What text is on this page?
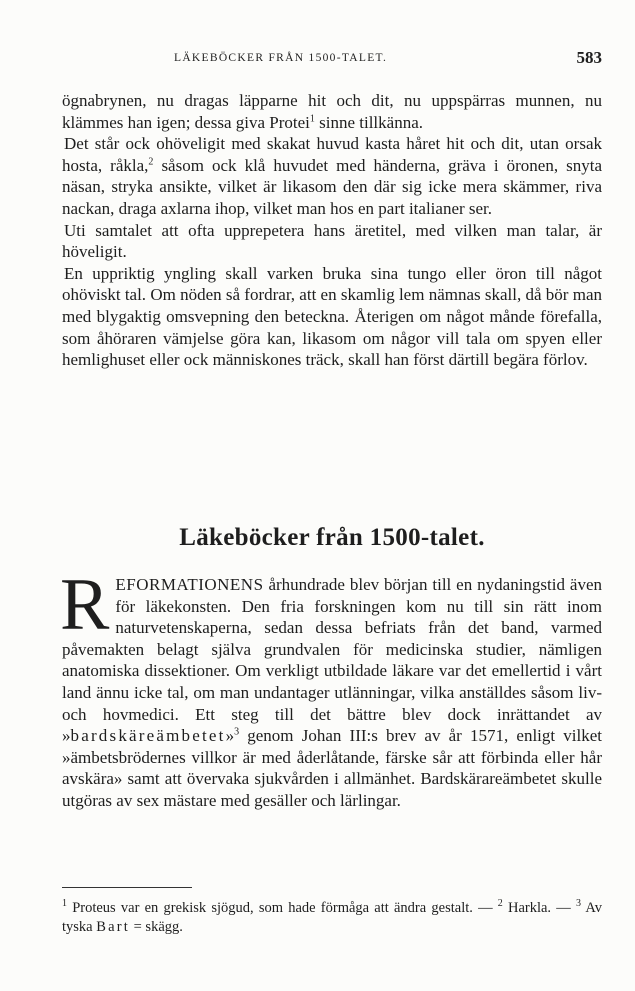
LÄKEBÖCKER FRÅN 1500-TALET.	583

ögnabrynen, nu dragas läpparne hit och dit, nu uppspärras munnen, nu klämmes han igen; dessa giva Protei$^1$ sinne tillkänna.

Det står ock ohöveligit med skakat huvud kasta håret hit och dit, utan orsak hosta, råkla,$^2$ såsom ock klå huvudet med händerna, gräva i öronen, snyta näsan, stryka ansikte, vilket är likasom den där sig icke mera skämmer, riva nackan, draga axlarna ihop, vilket man hos en part italianer ser.

Uti samtalet att ofta upprepetera hans äretitel, med vilken man talar, är höveligit.

En uppriktig yngling skall varken bruka sina tungo eller öron till något ohöviskt tal. Om nöden så fordrar, att en skamlig lem nämnas skall, då bör man med blygaktig omsvepning den beteckna. Återigen om något månde förefalla, som åhöraren vämjelse göra kan, likasom om någor vill tala om spyen eller hemlighuset eller ock människones träck, skall han först därtill begära förlov.

Läkeböcker från 1500-talet.

REFORMATIONENS århundrade blev början till en nydaningstid även för läkekonsten. Den fria forskningen kom nu till sin rätt inom naturvetenskaperna, sedan dessa befriats från det band, varmed påvemakten belagt själva grundvalen för medicinska studier, nämligen anatomiska dissektioner. Om verkligt utbildade läkare var det emellertid i vårt land ännu icke tal, om man undantager utlänningar, vilka anställdes såsom liv- och hovmedici. Ett steg till det bättre blev dock inrättandet av »bardskäreämbetet»$^3$ genom Johan III:s brev av år 1571, enligt vilket »ämbetsbrödernes villkor är med åderlåtande, färske sår att förbinda eller hår avskära» samt att övervaka sjukvården i allmänhet. Bardskärareämbetet skulle utgöras av sex mästare med gesäller och lärlingar.

$^1$ Proteus var en grekisk sjögud, som hade förmåga att ändra gestalt. — $^2$ Harkla. — $^3$ Av tyska Bart = skägg.
